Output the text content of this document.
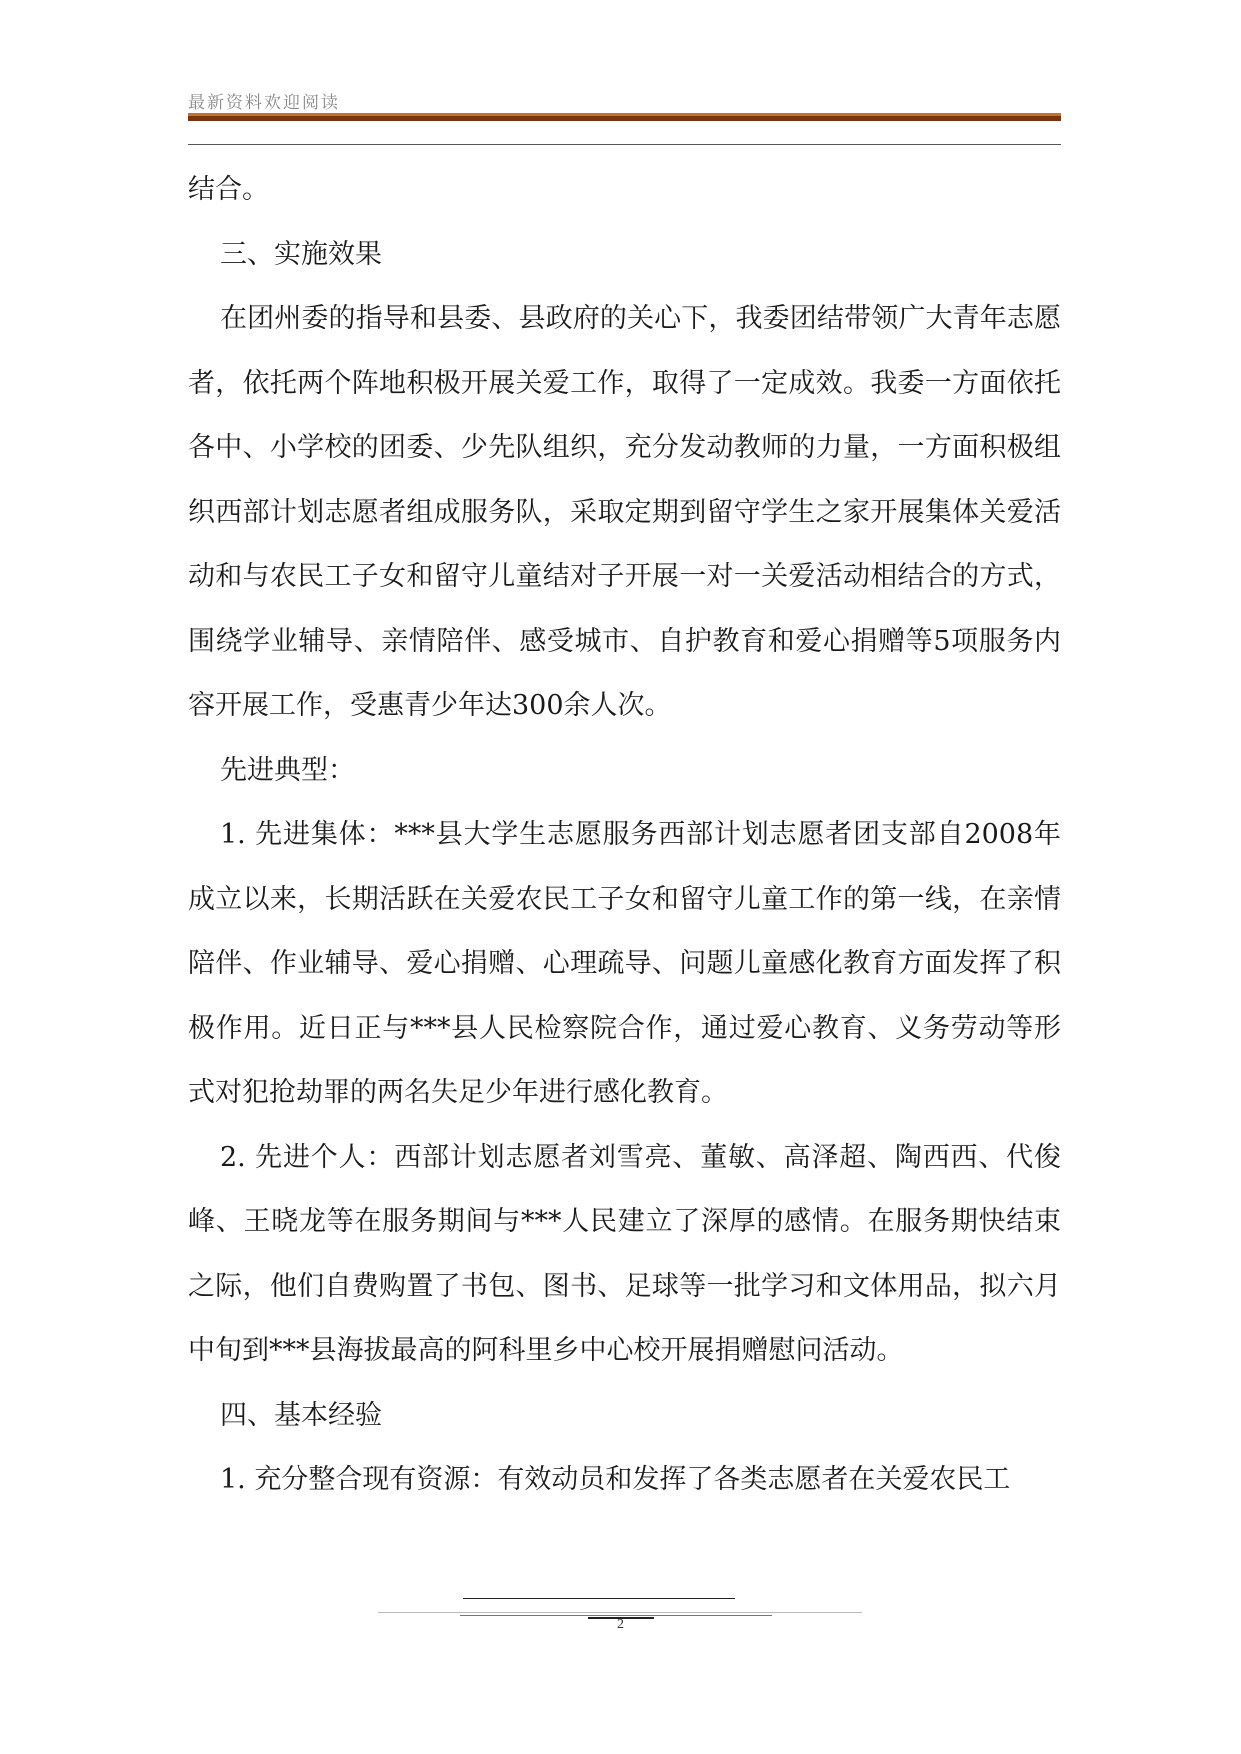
最新资料欢迎阅读

结合。

三、实施效果

在团州委的指导和县委、县政府的关心下，我委团结带领广大青年志愿者，依托两个阵地积极开展关爱工作，取得了一定成效。我委一方面依托各中、小学校的团委、少先队组织，充分发动教师的力量，一方面积极组织西部计划志愿者组成服务队，采取定期到留守学生之家开展集体关爱活动和与农民工子女和留守儿童结对子开展一对一关爱活动相结合的方式，围绕学业辅导、亲情陪伴、感受城市、自护教育和爱心捐赠等5项服务内容开展工作，受惠青少年达300余人次。

先进典型：

1. 先进集体：***县大学生志愿服务西部计划志愿者团支部自2008年成立以来，长期活跃在关爱农民工子女和留守儿童工作的第一线，在亲情陪伴、作业辅导、爱心捐赠、心理疏导、问题儿童感化教育方面发挥了积极作用。近日正与***县人民检察院合作，通过爱心教育、义务劳动等形式对犯抢劫罪的两名失足少年进行感化教育。

2. 先进个人：西部计划志愿者刘雪亮、董敏、高泽超、陶西西、代俊峰、王晓龙等在服务期间与***人民建立了深厚的感情。在服务期快结束之际，他们自费购置了书包、图书、足球等一批学习和文体用品，拟六月中旬到***县海拔最高的阿科里乡中心校开展捐赠慰问活动。

四、基本经验

1. 充分整合现有资源：有效动员和发挥了各类志愿者在关爱农民工

2
